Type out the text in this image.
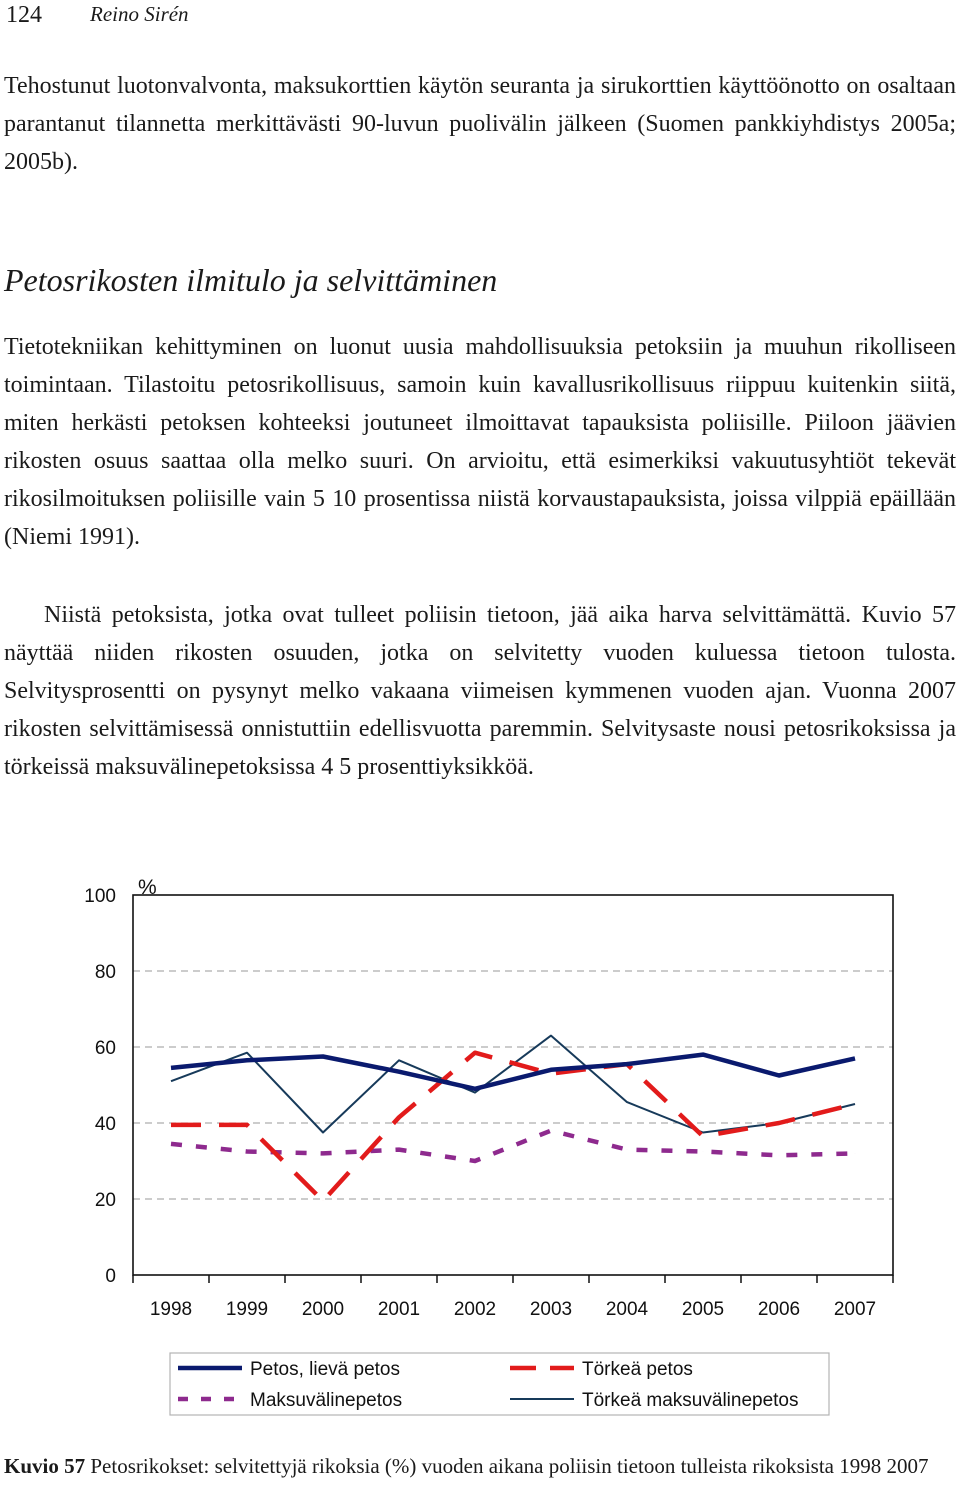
124 Reino Sirén

Tehostunut luotonvalvonta, maksukorttien käytön seuranta ja sirukorttien käyttöönotto on osaltaan parantanut tilannetta merkittävästi 90-luvun puolivälin jälkeen (Suomen pankkiyhdistys 2005a; 2005b).

Petosrikosten ilmitulo ja selvittäminen

Tietotekniikan kehittyminen on luonut uusia mahdollisuuksia petoksiin ja muuhun rikolliseen toimintaan. Tilastoitu petosrikollisuus, samoin kuin kavallusrikollisuus riippuu kuitenkin siitä, miten herkästi petoksen kohteeksi joutuneet ilmoittavat tapauksista poliisille. Piiloon jäävien rikosten osuus saattaa olla melko suuri. On arvioitu, että esimerkiksi vakuutusyhtiöt tekevät rikosilmoituksen poliisille vain 5 10 prosentissa niistä korvaustapauksista, joissa vilppiä epäillään (Niemi 1991).

Niistä petoksista, jotka ovat tulleet poliisin tietoon, jää aika harva selvittämättä. Kuvio 57 näyttää niiden rikosten osuuden, jotka on selvitetty vuoden kuluessa tietoon tulosta. Selvitysprosentti on pysynyt melko vakaana viimeisen kymmenen vuoden ajan. Vuonna 2007 rikosten selvittämisessä onnistuttiin edellisvuotta paremmin. Selvitysaste nousi petosrikoksissa ja törkeissä maksuvälinepetoksissa 4 5 prosenttiyksikköä.

0
20
40
60
80
100 %
1998 1999 2000 2001 2002 2003 2004 2005 2006 2007
Petos, lievä petos	Törkeä petos
Maksuvälinepetos	Törkeä maksuvälinepetos
Kuvio 57 Petosrikokset: selvitettyjä rikoksia (%) vuoden aikana poliisin tietoon tulleista rikoksista 1998 2007
